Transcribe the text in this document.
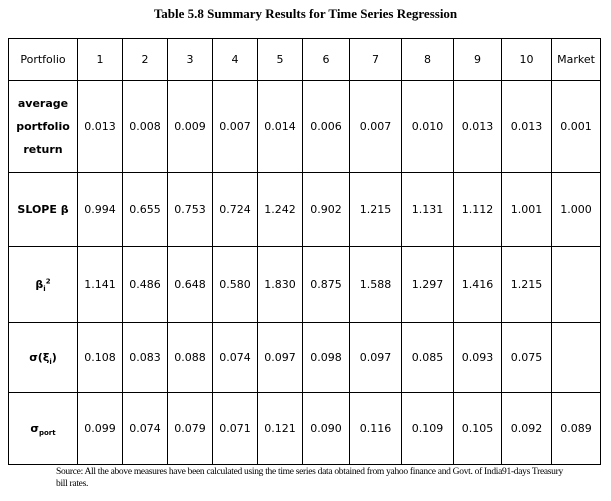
Table 5.8 Summary Results for Time Series Regression
Portfolio	1	2	3	4	5	6	7	8	9	10	Market
average portfolio return	0.013	0.008	0.009	0.007	0.014	0.006	0.007	0.010	0.013	0.013	0.001
SLOPE β	0.994	0.655	0.753	0.724	1.242	0.902	1.215	1.131	1.112	1.001	1.000
$\beta_i^2$	1.141	0.486	0.648	0.580	1.830	0.875	1.588	1.297	1.416	1.215	
$\sigma(\xi_i)$	0.108	0.083	0.088	0.074	0.097	0.098	0.097	0.085	0.093	0.075	
$\sigma_{port}$	0.099	0.074	0.079	0.071	0.121	0.090	0.116	0.109	0.105	0.092	0.089
Source: All the above measures have been calculated using the time series data obtained from yahoo finance and Govt. of India91-days Treasury bill rates.
